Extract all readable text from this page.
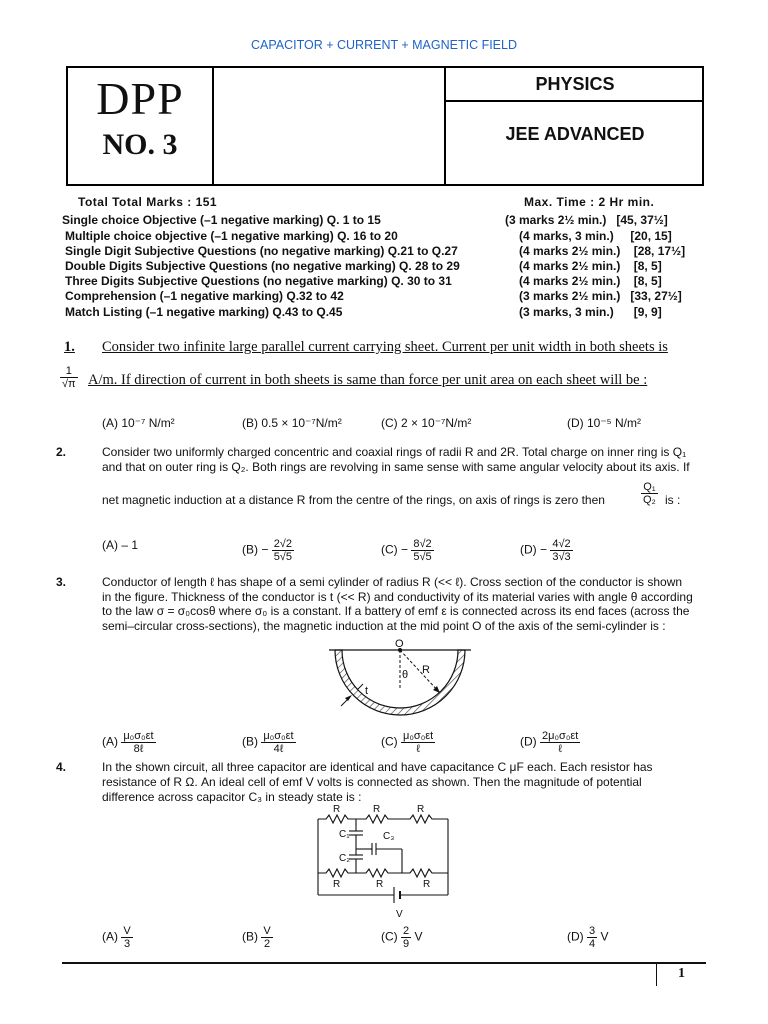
CAPACITOR + CURRENT + MAGNETIC FIELD
DPP
NO. 3
PHYSICS
JEE ADVANCED
Total Total Marks : 151	Max. Time : 2 Hr min.
Single choice Objective (–1 negative marking) Q. 1 to 15	(3 marks 2½ min.)   [45, 37½]
Multiple choice objective (–1 negative marking) Q. 16 to 20	(4 marks, 3 min.)     [20, 15]
Single Digit Subjective Questions (no negative marking) Q.21 to Q.27	(4 marks 2½ min.)    [28, 17½]
Double Digits Subjective Questions (no negative marking) Q. 28 to 29	(4 marks 2½ min.)    [8, 5]
Three Digits Subjective Questions (no negative marking) Q. 30 to 31	(4 marks 2½ min.)    [8, 5]
Comprehension (–1 negative marking) Q.32 to 42	(3 marks 2½ min.)   [33, 27½]
Match Listing (–1 negative marking) Q.43 to Q.45	(3 marks, 3 min.)      [9, 9]
1. Consider two infinite large parallel current carrying sheet. Current per unit width in both sheets is
$\frac{1}{√\pi} A/m$. If direction of current in both sheets is same than force per unit area on each sheet will be :
(A) 10⁻⁷ N/m²	(B) 0.5 × 10⁻⁷N/m²	(C) 2 × 10⁻⁷N/m²	(D) 10⁻⁵ N/m²
2.	Consider two uniformly charged concentric and coaxial rings of radii R and 2R. Total charge on inner ring is Q₁
and that on outer ring is Q₂. Both rings are revolving in same sense with same angular velocity about its axis. If
net magnetic induction at a distance R from the centre of the rings, on axis of rings is zero then	$\frac{\text{Q₁}}{\text{Q₂}}$ is :
(A) – 1	$(B) - \frac{2√2}{5√5}$	$(C) - \frac{8√2}{5√5}$	$(D) - \frac{4√2}{3√3}$
3.	Conductor of length ℓ has shape of a semi cylinder of radius R (<< ℓ). Cross section of the conductor is shown
in the figure. Thickness of the conductor is t (<< R) and conductivity of its material varies with angle θ according
to the law σ = σ₀cosθ where σ₀ is a constant. If a battery of emf ε is connected across its end faces (across the
semi–circular cross-sections), the magnetic induction at the mid point O of the axis of the semi-cylinder is :
O
R
θ
t
$(A) \frac{\text{μ₀σ₀εt}}{\text{8ℓ}}$	$(B) \frac{\text{μ₀σ₀εt}}{\text{4ℓ}}$	$(C) \frac{\text{μ₀σ₀εt}}{\text{ℓ}}$	$(D) \frac{\text{2μ₀σ₀εt}}{\text{ℓ}}$
4.	In the shown circuit, all three capacitor are identical and have capacitance C μF each. Each resistor has
resistance of R Ω. An ideal cell of emf V volts is connected as shown. Then the magnitude of potential
difference across capacitor C₃ in steady state is :
R	R	R
R	R	R
C₁
C₂
C₃
V
$(A) \frac{V}{3}$	$(B) \frac{V}{2}$	$(C) \frac{2}{9}$ V	$(D) \frac{3}{4}$ V
1
